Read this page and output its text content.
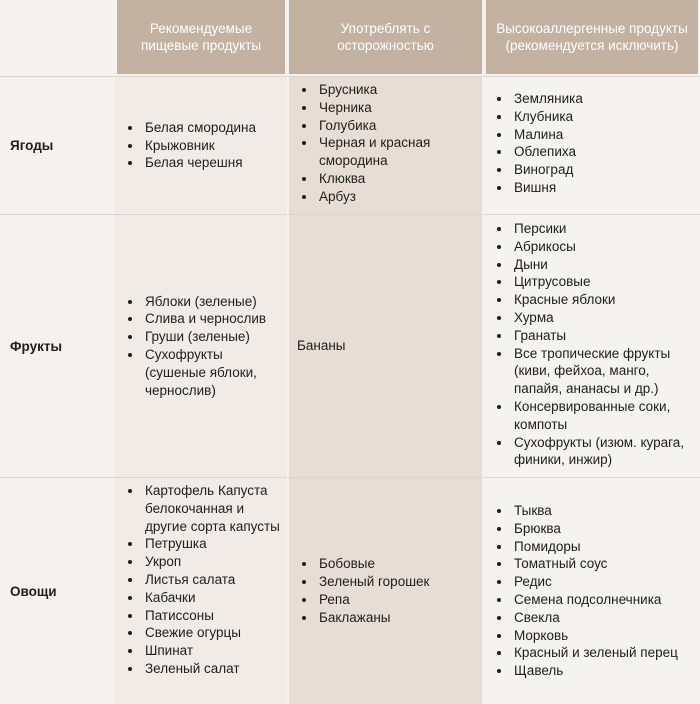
Рекомендуемые пищевые продукты
Употреблять с осторожностью
Высокоаллергенные продукты (рекомендуется исключить)
Ягоды
Белая смородина
Крыжовник
Белая черешня
Брусника
Черника
Голубика
Черная и красная смородина
Клюква
Арбуз
Земляника
Клубника
Малина
Облепиха
Виноград
Вишня
Фрукты
Яблоки (зеленые)
Слива и чернослив
Груши (зеленые)
Сухофрукты (сушеные яблоки, чернослив)
Бананы
Персики
Абрикосы
Дыни
Цитрусовые
Красные яблоки
Хурма
Гранаты
Все тропические фрукты (киви, фейхоа, манго, папайя, ананасы и др.)
Консервированные соки, компоты
Сухофрукты (изюм. курага, финики, инжир)
Овощи
Картофель Капуста белокочанная и другие сорта капусты
Петрушка
Укроп
Листья салата
Кабачки
Патиссоны
Свежие огурцы
Шпинат
Зеленый салат
Бобовые
Зеленый горошек
Репа
Баклажаны
Тыква
Брюква
Помидоры
Томатный соус
Редис
Семена подсолнечника
Свекла
Морковь
Красный и зеленый перец
Щавель
